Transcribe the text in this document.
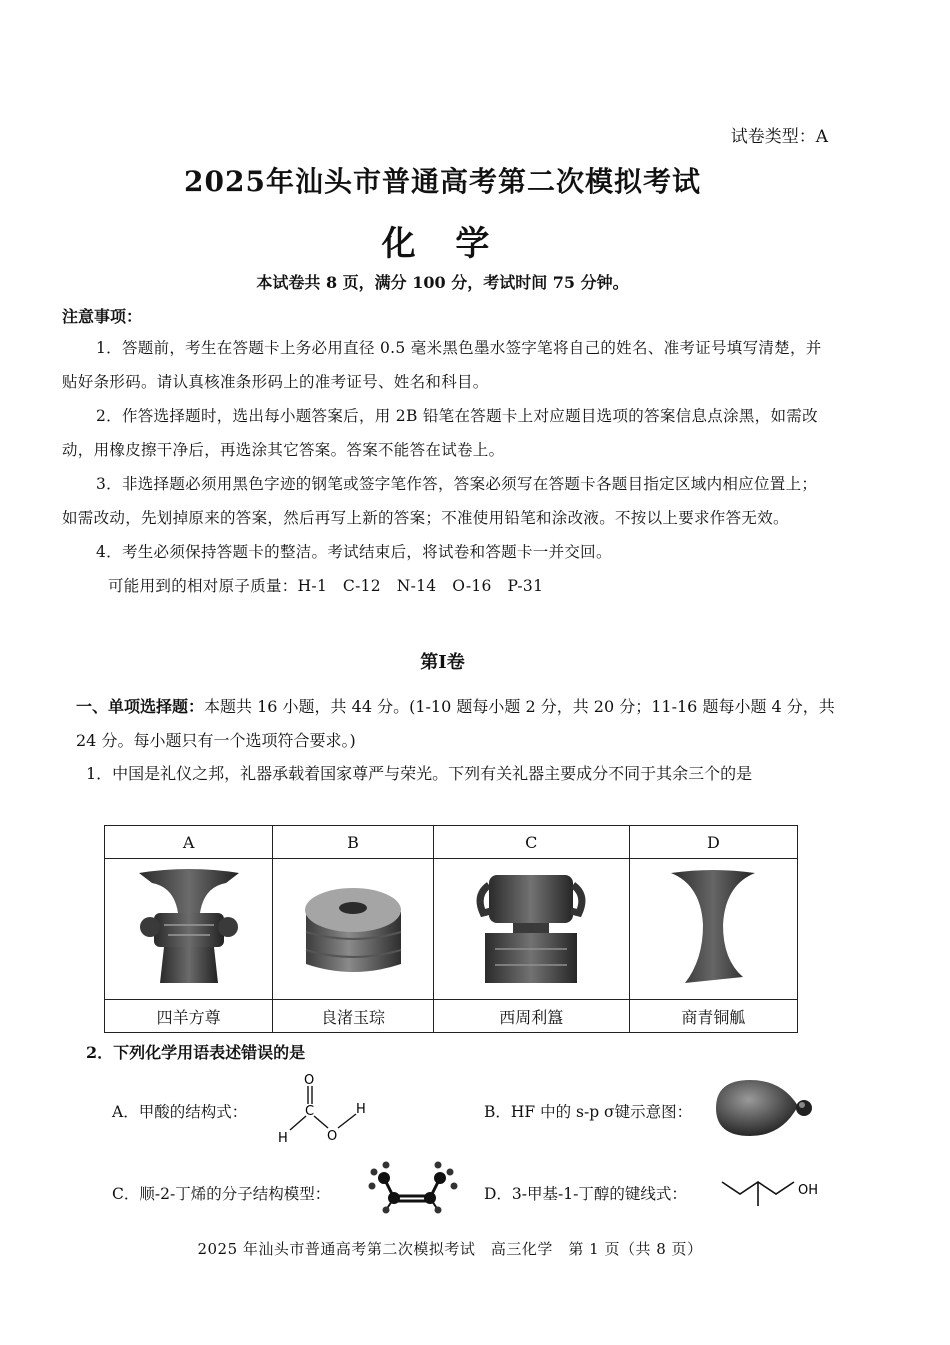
试卷类型：A
2025年汕头市普通高考第二次模拟考试
化 学
本试卷共 8 页，满分 100 分，考试时间 75 分钟。
注意事项：
1．答题前，考生在答题卡上务必用直径 0.5 毫米黑色墨水签字笔将自己的姓名、准考证号填写清楚，并贴好条形码。请认真核准条形码上的准考证号、姓名和科目。
2．作答选择题时，选出每小题答案后，用 2B 铅笔在答题卡上对应题目选项的答案信息点涂黑，如需改动，用橡皮擦干净后，再选涂其它答案。答案不能答在试卷上。
3．非选择题必须用黑色字迹的钢笔或签字笔作答，答案必须写在答题卡各题目指定区域内相应位置上；如需改动，先划掉原来的答案，然后再写上新的答案；不准使用铅笔和涂改液。不按以上要求作答无效。
4．考生必须保持答题卡的整洁。考试结束后，将试卷和答题卡一并交回。
可能用到的相对原子质量：H-1　C-12　N-14　O-16　P-31
第Ⅰ卷
一、单项选择题：本题共 16 小题，共 44 分。(1-10 题每小题 2 分，共 20 分；11-16 题每小题 4 分，共 24 分。每小题只有一个选项符合要求。)
1．中国是礼仪之邦，礼器承载着国家尊严与荣光。下列有关礼器主要成分不同于其余三个的是
A	B	C	D

四羊方尊	良渚玉琮	西周利簋	商青铜觚
2．下列化学用语表述错误的是
A．甲酸的结构式：
O
C
H	O
H	B．HF 中的 s-p σ键示意图：
C．顺-2-丁烯的分子结构模型：	D．3-甲基-1-丁醇的键线式：	OH
2025 年汕头市普通高考第二次模拟考试　高三化学　第 1 页（共 8 页）
